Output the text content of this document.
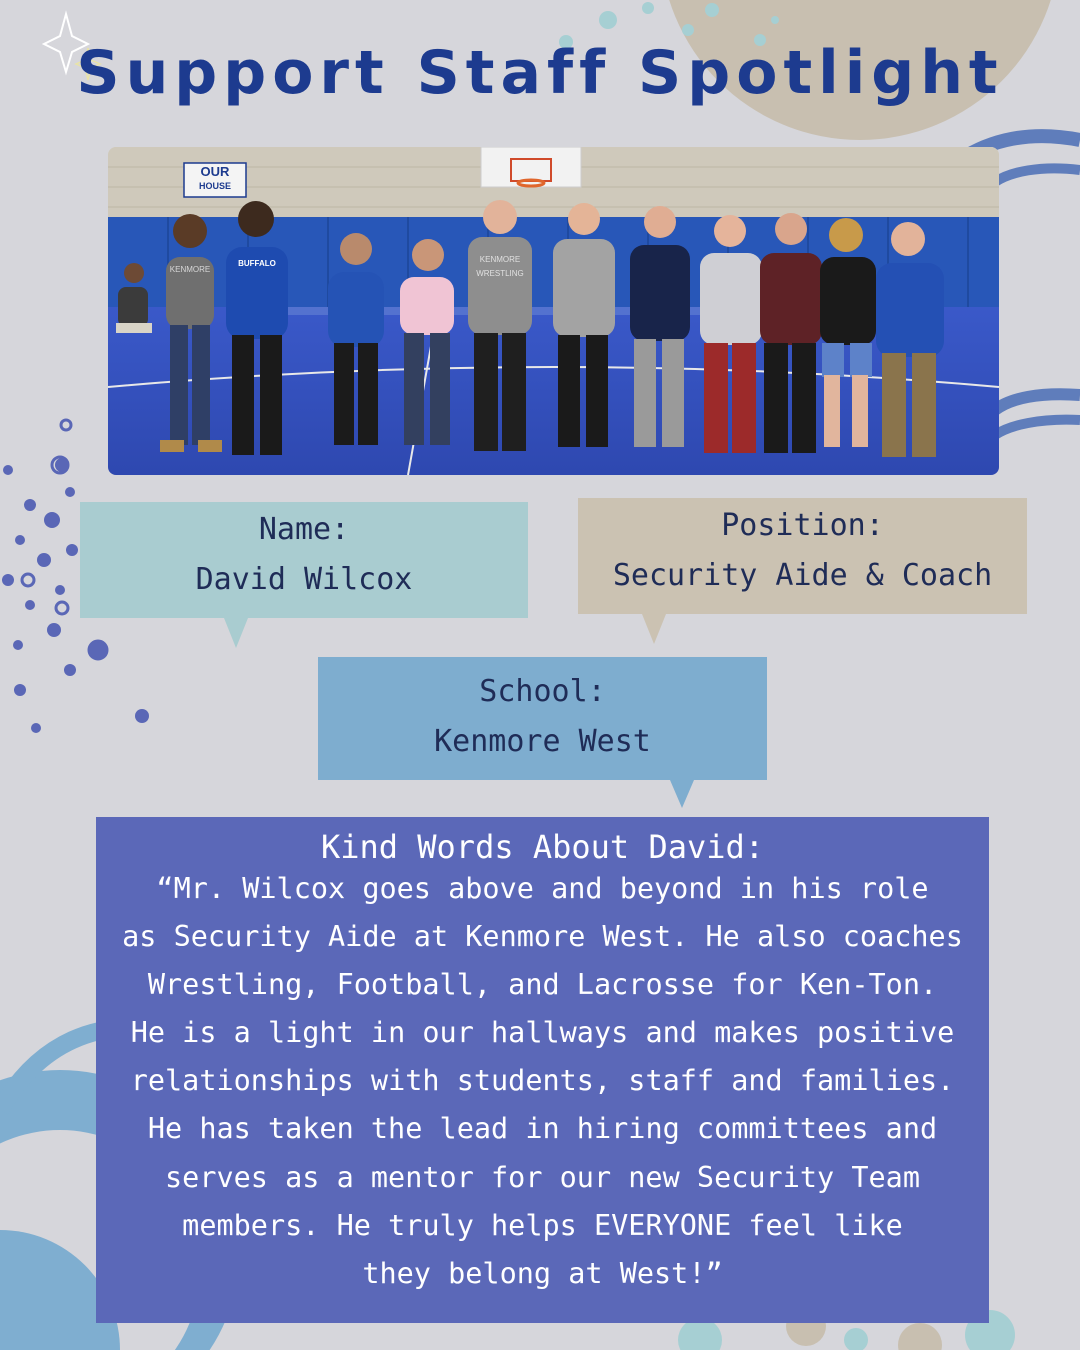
Support Staff Spotlight
OUR
HOUSE
KENMORE
BUFFALO	KENMORE
WRESTLING
Name:
David Wilcox
Position:
Security Aide & Coach
School:
Kenmore West
Kind Words About David:
“Mr. Wilcox goes above and beyond in his role
as Security Aide at Kenmore West. He also coaches
Wrestling, Football, and Lacrosse for Ken-Ton.
He is a light in our hallways and makes positive
relationships with students, staff and families.
He has taken the lead in hiring committees and
serves as a mentor for our new Security Team
members. He truly helps EVERYONE feel like
they belong at West!”
